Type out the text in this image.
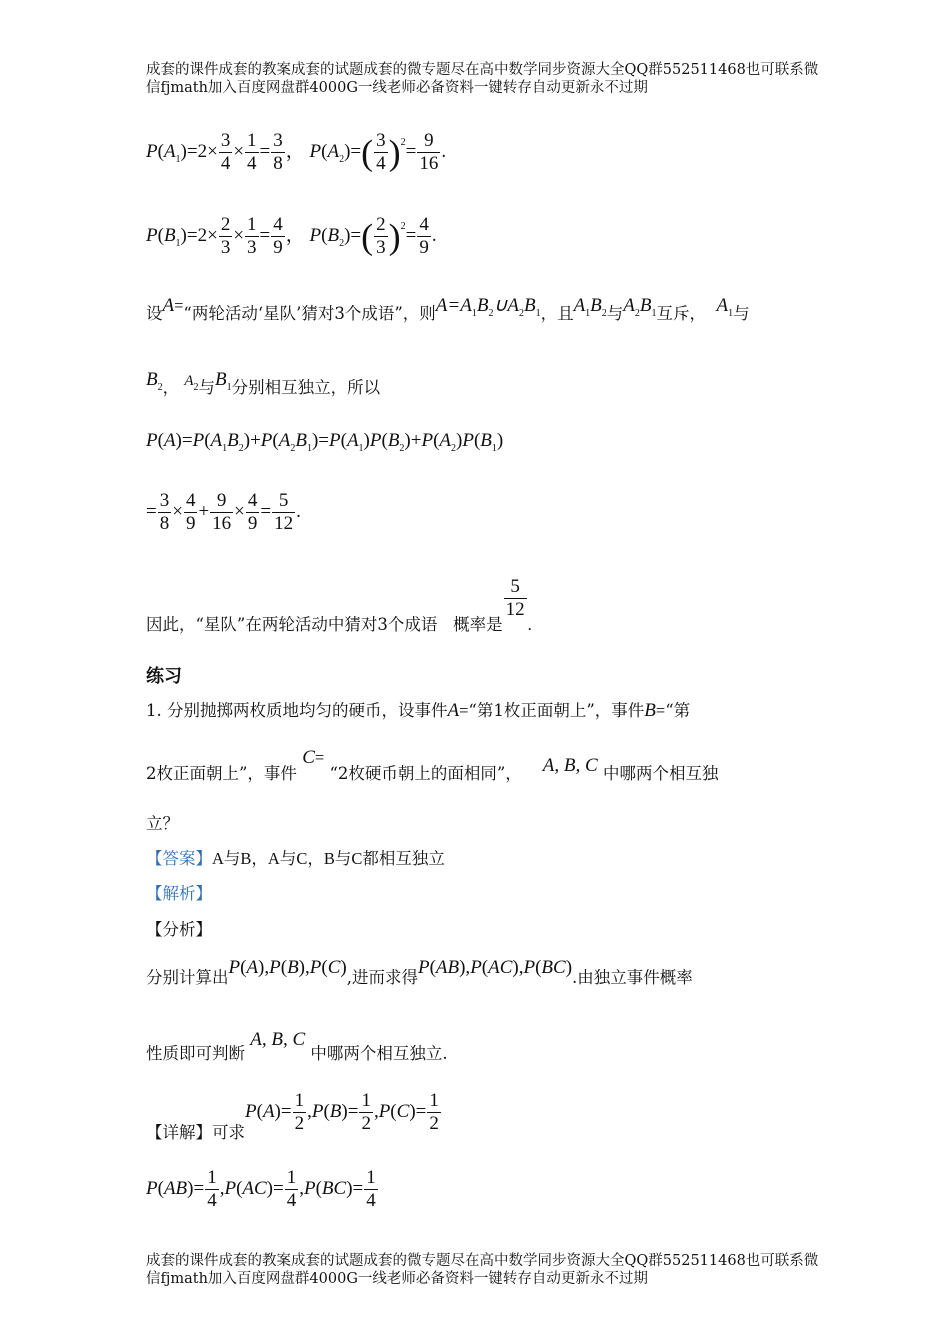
成套的课件成套的教案成套的试题成套的微专题尽在高中数学同步资源大全QQ群552511468也可联系微
信fjmath加入百度网盘群4000G一线老师必备资料一键转存自动更新永不过期
$P(A_1)=2\times \frac{3}{4} \times \frac{1}{4} = \frac{3}{8}$ ， $P(A_2)=( \frac{3}{4} )^2= \frac{9}{16}$ .
$P(B_1)=2\times \frac{2}{3} \times \frac{1}{3} = \frac{4}{9}$ ， $P(B_2)=( \frac{2}{3} )^2= \frac{4}{9}$ .
设A=“两轮活动‘星队’猜对3个成语”，则$A=A_1B_2\cup A_2B_1$，且$A_1B_2$与$A_2B_1$互斥， $A_1$与
$B_2$， $A_2$与$B_1$分别相互独立，所以
$P(A)=P(A_1B_2)+P(A_2B_1)=P(A_1)P(B_2)+P(A_2)P(B_1)$
= $\frac{3}{8} \times \frac{4}{9} + \frac{9}{16} \times \frac{4}{9} = \frac{5}{12}$ .
因此，“星队”在两轮活动中猜对3个成语 概率是
$\frac{5}{12}$
.
练习
1. 分别抛掷两枚质地均匀的硬币，设事件A=“第1枚正面朝上”，事件B=“第
2枚正面朝上”，事件 C= “2枚硬币朝上的面相同”， A, B, C 中哪两个相互独
立？
【答案】A与B，A与C，B与C都相互独立
【解析】
【分析】
分别计算出P(A),P(B),P(C),进而求得P(AB),P(AC),P(BC).由独立事件概率
性质即可判断 A, B, C 中哪两个相互独立.
【详解】可求$P(A)= \frac{1}{2} ,P(B)= \frac{1}{2} ,P(C)= \frac{1}{2}$
$P(AB)= \frac{1}{4} ,P(AC)= \frac{1}{4} ,P(BC)= \frac{1}{4}$
成套的课件成套的教案成套的试题成套的微专题尽在高中数学同步资源大全QQ群552511468也可联系微
信fjmath加入百度网盘群4000G一线老师必备资料一键转存自动更新永不过期
